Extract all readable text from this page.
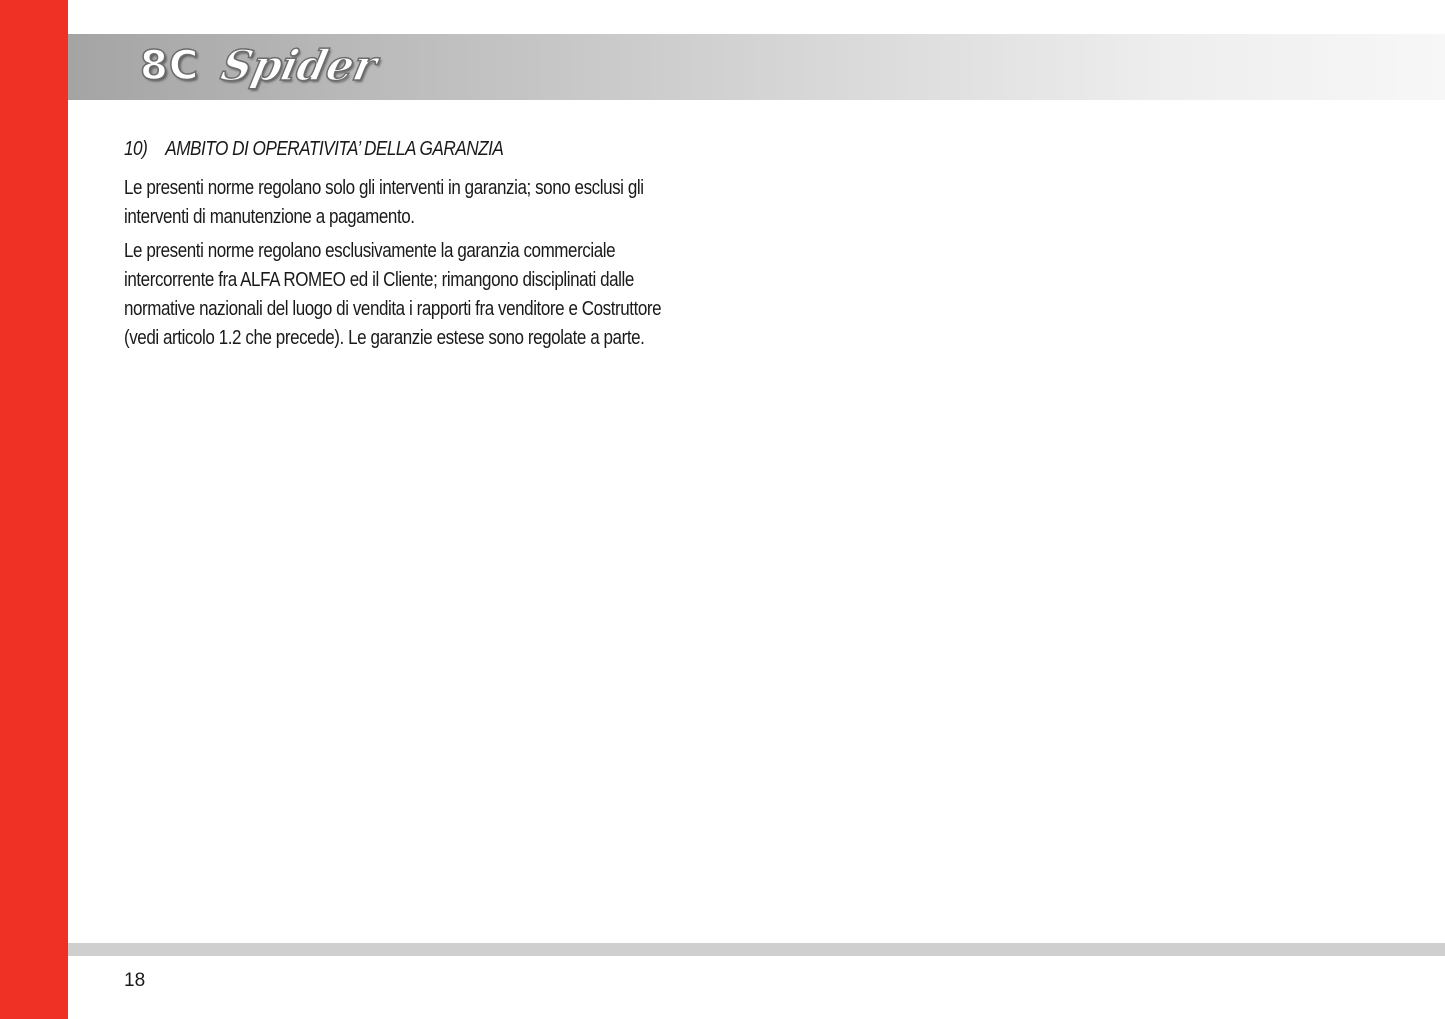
8C Spider
10) AMBITO DI OPERATIVITA’ DELLA GARANZIA

Le presenti norme regolano solo gli interventi in garanzia; sono esclusi gli
interventi di manutenzione a pagamento.

Le presenti norme regolano esclusivamente la garanzia commerciale
intercorrente fra ALFA ROMEO ed il Cliente; rimangono disciplinati dalle
normative nazionali del luogo di vendita i rapporti fra venditore e Costruttore
(vedi articolo 1.2 che precede). Le garanzie estese sono regolate a parte.

18
